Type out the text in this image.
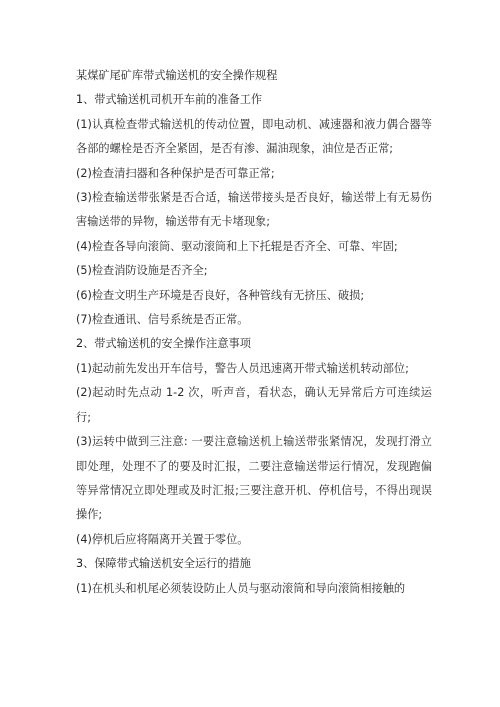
某煤矿尾矿库带式输送机的安全操作规程

1、带式输送机司机开车前的准备工作

(1)认真检查带式输送机的传动位置，即电动机、减速器和液力偶合器等各部的螺栓是否齐全紧固，是否有渗、漏油现象，油位是否正常;

(2)检查清扫器和各种保护是否可靠正常;

(3)检查输送带张紧是否合适，输送带接头是否良好，输送带上有无易伤害输送带的异物，输送带有无卡堵现象;

(4)检查各导向滚筒、驱动滚筒和上下托辊是否齐全、可靠、牢固;

(5)检查消防设施是否齐全;

(6)检查文明生产环境是否良好，各种管线有无挤压、破损;

(7)检查通讯、信号系统是否正常。

2、带式输送机的安全操作注意事项

(1)起动前先发出开车信号，警告人员迅速离开带式输送机转动部位;

(2)起动时先点动 1-2 次，听声音，看状态，确认无异常后方可连续运行;

(3)运转中做到三注意: 一要注意输送机上输送带张紧情况，发现打滑立即处理，处理不了的要及时汇报，二要注意输送带运行情况，发现跑偏等异常情况立即处理或及时汇报;三要注意开机、停机信号，不得出现误操作;

(4)停机后应将隔离开关置于零位。

3、保障带式输送机安全运行的措施

(1)在机头和机尾必须装设防止人员与驱动滚筒和导向滚筒相接触的
